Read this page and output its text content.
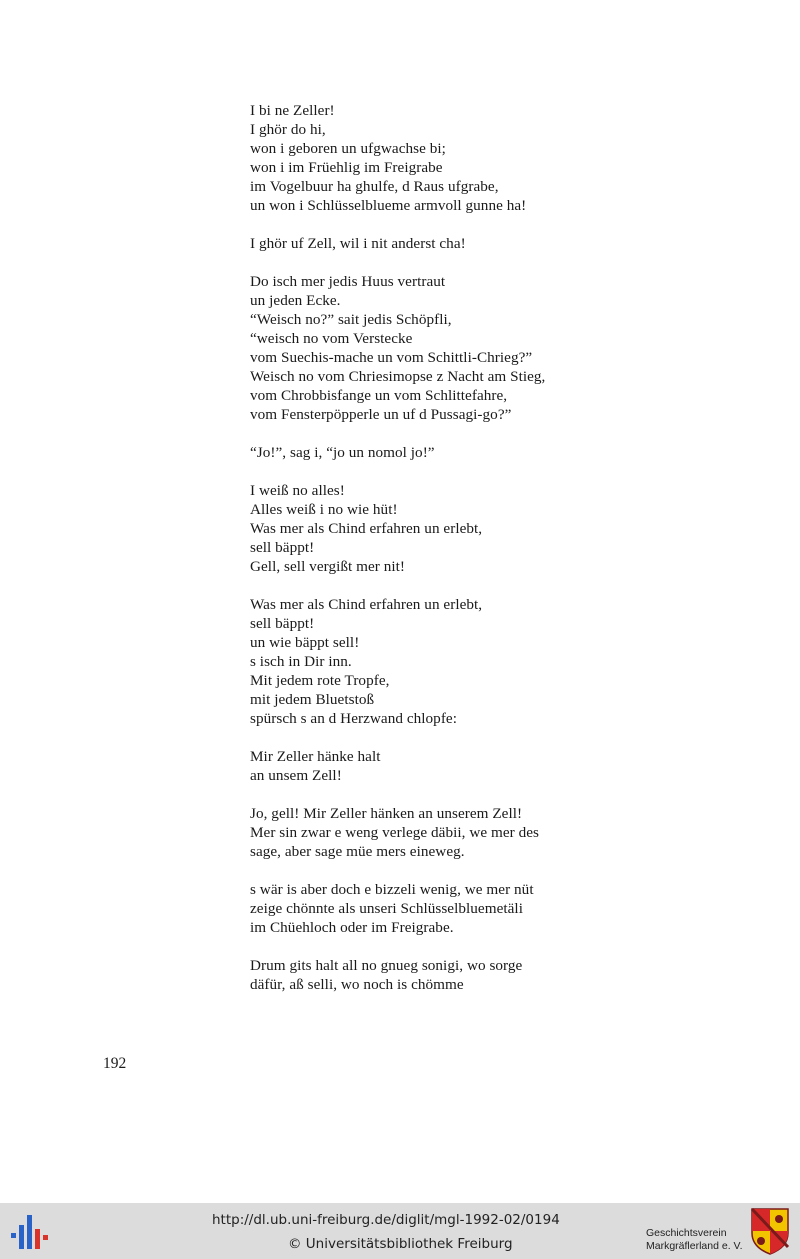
I bi ne Zeller!
I ghör do hi,
won i geboren un ufgwachse bi;
won i im Früehlig im Freigrabe
im Vogelbuur ha ghulfe, d Raus ufgrabe,
un won i Schlüsselblueme armvoll gunne ha!
I ghör uf Zell, wil i nit anderst cha!
Do isch mer jedis Huus vertraut
un jeden Ecke.
“Weisch no?” sait jedis Schöpfli,
“weisch no vom Verstecke
vom Suechis-mache un vom Schittli-Chrieg?”
Weisch no vom Chriesimopse z Nacht am Stieg,
vom Chrobbisfange un vom Schlittefahre,
vom Fensterpöpperle un uf d Pussagi-go?”
“Jo!”, sag i, “jo un nomol jo!”
I weiß no alles!
Alles weiß i no wie hüt!
Was mer als Chind erfahren un erlebt,
sell bäppt!
Gell, sell vergißt mer nit!
Was mer als Chind erfahren un erlebt,
sell bäppt!
un wie bäppt sell!
s isch in Dir inn.
Mit jedem rote Tropfe,
mit jedem Bluetstoß
spürsch s an d Herzwand chlopfe:
Mir Zeller hänke halt
an unsem Zell!
Jo, gell! Mir Zeller hänken an unserem Zell!
Mer sin zwar e weng verlege däbii, we mer des
sage, aber sage müe mers eineweg.
s wär is aber doch e bizzeli wenig, we mer nüt
zeige chönnte als unseri Schlüsselbluemetäli
im Chüehloch oder im Freigrabe.
Drum gits halt all no gnueg sonigi, wo sorge
däfür, aß selli, wo noch is chömme
192
http://dl.ub.uni-freiburg.de/diglit/mgl-1992-02/0194
© Universitätsbibliothek Freiburg
Geschichtsverein
Markgräflerland e. V.
